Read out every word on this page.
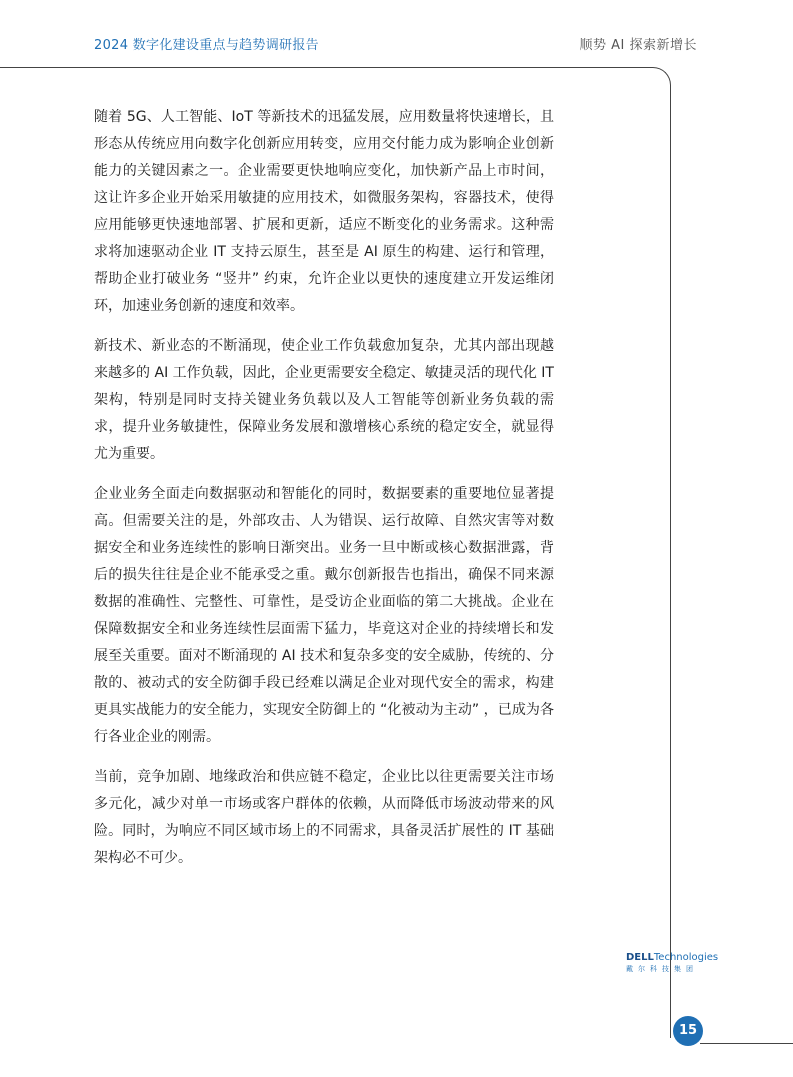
2024 数字化建设重点与趋势调研报告	顺势 AI 探索新增长

随着 5G、人工智能、IoT 等新技术的迅猛发展，应用数量将快速增长，且形态从传统应用向数字化创新应用转变，应用交付能力成为影响企业创新能力的关键因素之一。企业需要更快地响应变化，加快新产品上市时间，这让许多企业开始采用敏捷的应用技术，如微服务架构，容器技术，使得应用能够更快速地部署、扩展和更新，适应不断变化的业务需求。这种需求将加速驱动企业 IT 支持云原生，甚至是 AI 原生的构建、运行和管理，帮助企业打破业务 “竖井” 约束，允许企业以更快的速度建立开发运维闭环，加速业务创新的速度和效率。

新技术、新业态的不断涌现，使企业工作负载愈加复杂，尤其内部出现越来越多的 AI 工作负载，因此，企业更需要安全稳定、敏捷灵活的现代化 IT 架构，特别是同时支持关键业务负载以及人工智能等创新业务负载的需求，提升业务敏捷性，保障业务发展和激增核心系统的稳定安全，就显得尤为重要。

企业业务全面走向数据驱动和智能化的同时，数据要素的重要地位显著提高。但需要关注的是，外部攻击、人为错误、运行故障、自然灾害等对数据安全和业务连续性的影响日渐突出。业务一旦中断或核心数据泄露，背后的损失往往是企业不能承受之重。戴尔创新报告也指出，确保不同来源数据的准确性、完整性、可靠性，是受访企业面临的第二大挑战。企业在保障数据安全和业务连续性层面需下猛力，毕竟这对企业的持续增长和发展至关重要。面对不断涌现的 AI 技术和复杂多变的安全威胁，传统的、分散的、被动式的安全防御手段已经难以满足企业对现代安全的需求，构建更具实战能力的安全能力，实现安全防御上的 “化被动为主动” ，已成为各行各业企业的刚需。

当前，竞争加剧、地缘政治和供应链不稳定，企业比以往更需要关注市场多元化，减少对单一市场或客户群体的依赖，从而降低市场波动带来的风险。同时，为响应不同区域市场上的不同需求，具备灵活扩展性的 IT 基础架构必不可少。

DELLTechnologies
戴尔科技集团
15
